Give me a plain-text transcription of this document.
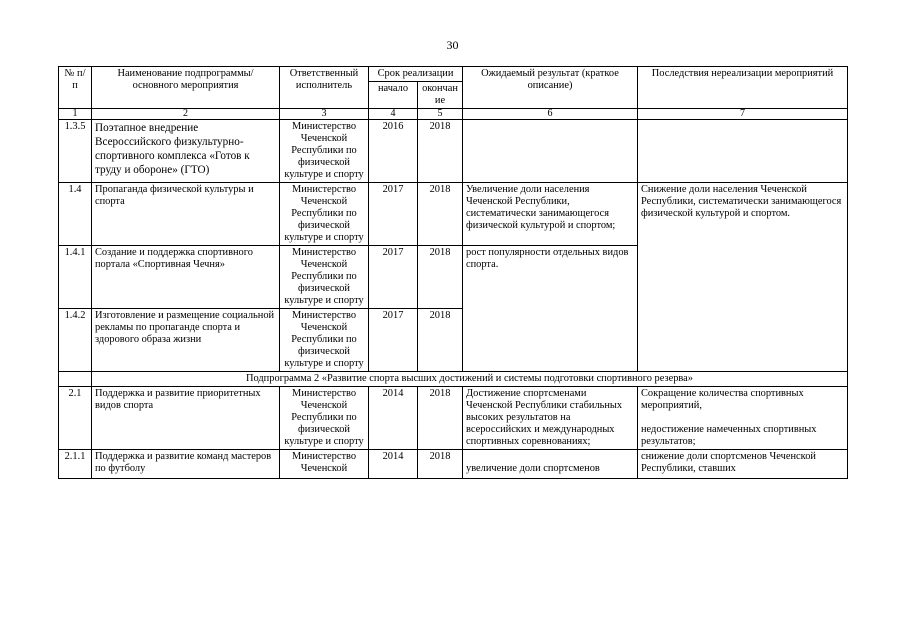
30
№ п/п	Наименование подпрограммы/ основного мероприятия	Ответственный исполнитель	Срок реализации		Ожидаемый результат (краткое описание)	Последствия нереализации мероприятий
			начало	окончан ие		
1	2	3	4	5	6	7
1.3.5	Поэтапное внедрение Всероссийского физкультурно-спортивного комплекса «Готов к труду и обороне» (ГТО)	Министерство Чеченской Республики по физической культуре и спорту	2016	2018		
1.4	Пропаганда физической культуры и спорта	Министерство Чеченской Республики по физической культуре и спорту	2017	2018	Увеличение доли населения Чеченской Республики, систематически занимающегося физической культурой и спортом;	Снижение доли населения Чеченской Республики, систематически занимающегося физической культурой и спортом.
1.4.1	Создание и поддержка спортивного портала «Спортивная Чечня»	Министерство Чеченской Республики по физической культуре и спорту	2017	2018	рост популярности отдельных видов спорта.	
1.4.2	Изготовление и размещение социальной рекламы по пропаганде спорта и здорового образа жизни	Министерство Чеченской Республики по физической культуре и спорту	2017	2018		
	Подпрограмма 2 «Развитие спорта высших достижений и системы подготовки спортивного резерва»					
2.1	Поддержка и развитие приоритетных видов спорта	Министерство Чеченской Республики по физической культуре и спорту	2014	2018	Достижение спортсменами Чеченской Республики стабильных высоких результатов на всероссийских и международных спортивных соревнованиях;	Сокращение количества спортивных мероприятий,
недостижение намеченных спортивных результатов;

2.1.1	Поддержка и развитие команд мастеров по футболу	Министерство Чеченской	2014	2018	увеличение доли спортсменов	снижение доли спортсменов Чеченской Республики, ставших
